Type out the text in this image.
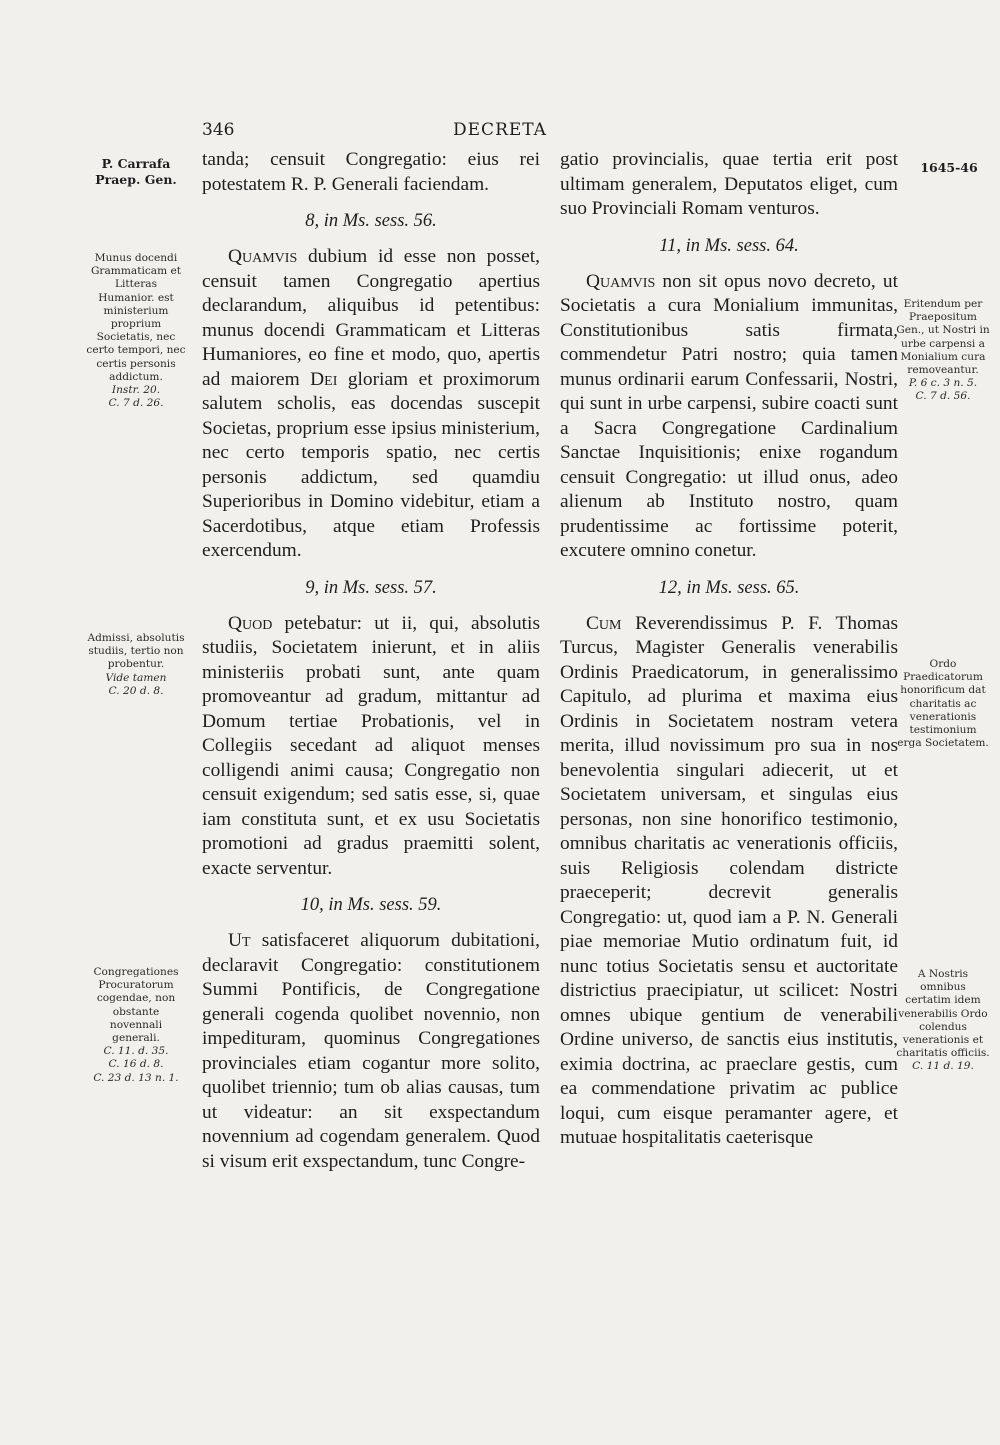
346	DECRETA
P. Carrafa
Praep. Gen.
1645-46
Munus docendi Grammaticam et Litteras Humanior. est ministerium proprium Societatis, nec certo tempori, nec certis personis addictum.
Instr. 20.
C. 7 d. 26.
Admissi, absolutis studiis, tertio non probentur.
Vide tamen
C. 20 d. 8.
Congregationes Procuratorum cogendae, non obstante novennali generali.
C. 11. d. 35.
C. 16 d. 8.
C. 23 d. 13 n. 1.
Eritendum per Praepositum Gen., ut Nostri in urbe carpensi a Monialium cura removeantur.
P. 6 c. 3 n. 5.
C. 7 d. 56.
Ordo Praedicatorum honorificum dat charitatis ac venerationis testimonium erga Societatem.
A Nostris omnibus certatim idem venerabilis Ordo colendus venerationis et charitatis officiis.
C. 11 d. 19.

tanda; censuit Congregatio: eius rei potestatem R. P. Generali faciendam.

8, in Ms. sess. 56.

Quamvis dubium id esse non posset, censuit tamen Congregatio apertius declarandum, aliquibus id petentibus: munus docendi Grammaticam et Litteras Humaniores, eo fine et modo, quo, apertis ad maiorem Dei gloriam et proximorum salutem scholis, eas docendas suscepit Societas, proprium esse ipsius ministerium, nec certo temporis spatio, nec certis personis addictum, sed quamdiu Superioribus in Domino videbitur, etiam a Sacerdotibus, atque etiam Professis exercendum.

9, in Ms. sess. 57.

Quod petebatur: ut ii, qui, absolutis studiis, Societatem inierunt, et in aliis ministeriis probati sunt, ante quam promoveantur ad gradum, mittantur ad Domum tertiae Probationis, vel in Collegiis secedant ad aliquot menses colligendi animi causa; Congregatio non censuit exigendum; sed satis esse, si, quae iam constituta sunt, et ex usu Societatis promotioni ad gradus praemitti solent, exacte serventur.

10, in Ms. sess. 59.

Ut satisfaceret aliquorum dubitationi, declaravit Congregatio: constitutionem Summi Pontificis, de Congregatione generali cogenda quolibet novennio, non impedituram, quominus Congregationes provinciales etiam cogantur more solito, quolibet triennio; tum ob alias causas, tum ut videatur: an sit exspectandum novennium ad cogendam generalem. Quod si visum erit exspectandum, tunc Congre-

gatio provincialis, quae tertia erit post ultimam generalem, Deputatos eliget, cum suo Provinciali Romam venturos.

11, in Ms. sess. 64.

Quamvis non sit opus novo decreto, ut Societatis a cura Monialium immunitas, Constitutionibus satis firmata, commendetur Patri nostro; quia tamen munus ordinarii earum Confessarii, Nostri, qui sunt in urbe carpensi, subire coacti sunt a Sacra Congregatione Cardinalium Sanctae Inquisitionis; enixe rogandum censuit Congregatio: ut illud onus, adeo alienum ab Instituto nostro, quam prudentissime ac fortissime poterit, excutere omnino conetur.

12, in Ms. sess. 65.

Cum Reverendissimus P. F. Thomas Turcus, Magister Generalis venerabilis Ordinis Praedicatorum, in generalissimo Capitulo, ad plurima et maxima eius Ordinis in Societatem nostram vetera merita, illud novissimum pro sua in nos benevolentia singulari adiecerit, ut et Societatem universam, et singulas eius personas, non sine honorifico testimonio, omnibus charitatis ac venerationis officiis, suis Religiosis colendam districte praeceperit; decrevit generalis Congregatio: ut, quod iam a P. N. Generali piae memoriae Mutio ordinatum fuit, id nunc totius Societatis sensu et auctoritate districtius praecipiatur, ut scilicet: Nostri omnes ubique gentium de venerabili Ordine universo, de sanctis eius institutis, eximia doctrina, ac praeclare gestis, cum ea commendatione privatim ac publice loqui, cum eisque peramanter agere, et mutuae hospitalitatis caeterisque
